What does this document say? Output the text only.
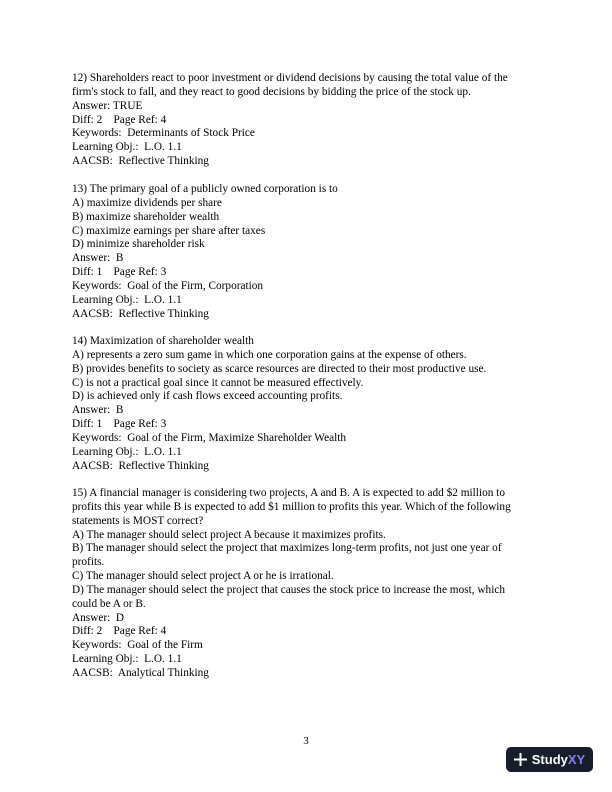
12) Shareholders react to poor investment or dividend decisions by causing the total value of the
firm's stock to fall, and they react to good decisions by bidding the price of the stock up.
Answer: TRUE
Diff: 2    Page Ref: 4
Keywords:  Determinants of Stock Price
Learning Obj.:  L.O. 1.1
AACSB:  Reflective Thinking
13) The primary goal of a publicly owned corporation is to
A) maximize dividends per share
B) maximize shareholder wealth
C) maximize earnings per share after taxes
D) minimize shareholder risk
Answer:  B
Diff: 1    Page Ref: 3
Keywords:  Goal of the Firm, Corporation
Learning Obj.:  L.O. 1.1
AACSB:  Reflective Thinking
14) Maximization of shareholder wealth
A) represents a zero sum game in which one corporation gains at the expense of others.
B) provides benefits to society as scarce resources are directed to their most productive use.
C) is not a practical goal since it cannot be measured effectively.
D) is achieved only if cash flows exceed accounting profits.
Answer:  B
Diff: 1    Page Ref: 3
Keywords:  Goal of the Firm, Maximize Shareholder Wealth
Learning Obj.:  L.O. 1.1
AACSB:  Reflective Thinking
15) A financial manager is considering two projects, A and B. A is expected to add $2 million to
profits this year while B is expected to add $1 million to profits this year. Which of the following
statements is MOST correct?
A) The manager should select project A because it maximizes profits.
B) The manager should select the project that maximizes long-term profits, not just one year of
profits.
C) The manager should select project A or he is irrational.
D) The manager should select the project that causes the stock price to increase the most, which
could be A or B.
Answer:  D
Diff: 2    Page Ref: 4
Keywords:  Goal of the Firm
Learning Obj.:  L.O. 1.1
AACSB:  Analytical Thinking
3
StudyXY
